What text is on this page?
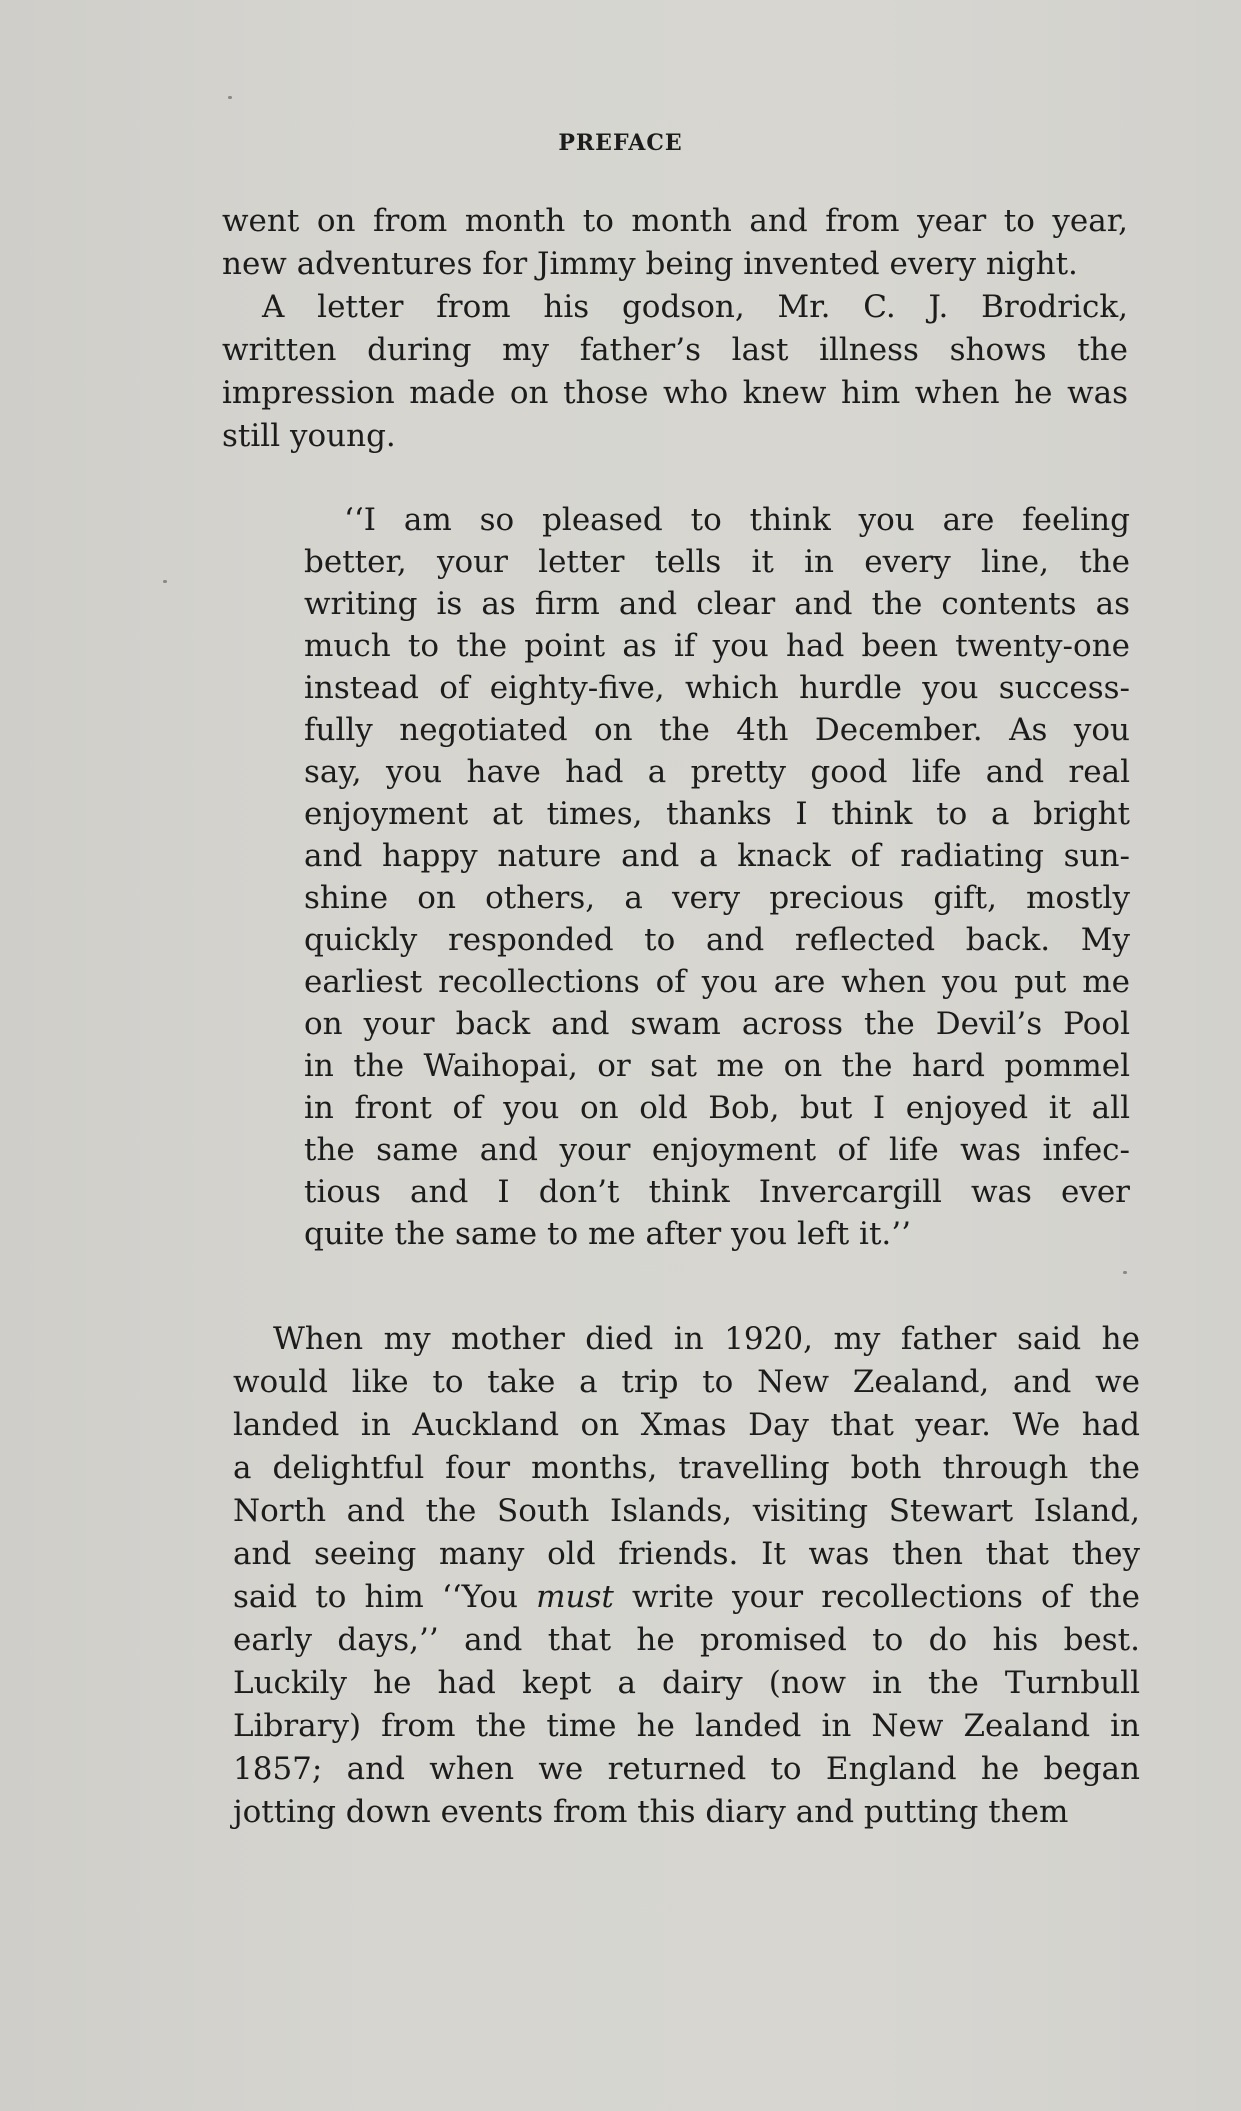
PREFACE
went on from month to month and from year to year,
new adventures for Jimmy being invented every night.
A letter from his godson, Mr. C. J. Brodrick,
written during my father’s last illness shows the
impression made on those who knew him when he was
still young.
‘‘I am so pleased to think you are feeling
better, your letter tells it in every line, the
writing is as firm and clear and the contents as
much to the point as if you had been twenty-one
instead of eighty-five, which hurdle you success-
fully negotiated on the 4th December. As you
say, you have had a pretty good life and real
enjoyment at times, thanks I think to a bright
and happy nature and a knack of radiating sun-
shine on others, a very precious gift, mostly
quickly responded to and reflected back. My
earliest recollections of you are when you put me
on your back and swam across the Devil’s Pool
in the Waihopai, or sat me on the hard pommel
in front of you on old Bob, but I enjoyed it all
the same and your enjoyment of life was infec-
tious and I don’t think Invercargill was ever
quite the same to me after you left it.’’
When my mother died in 1920, my father said he
would like to take a trip to New Zealand, and we
landed in Auckland on Xmas Day that year. We had
a delightful four months, travelling both through the
North and the South Islands, visiting Stewart Island,
and seeing many old friends. It was then that they
said to him ‘‘You must write your recollections of the
early days,’’ and that he promised to do his best.
Luckily he had kept a dairy (now in the Turnbull
Library) from the time he landed in New Zealand in
1857; and when we returned to England he began
jotting down events from this diary and putting them
